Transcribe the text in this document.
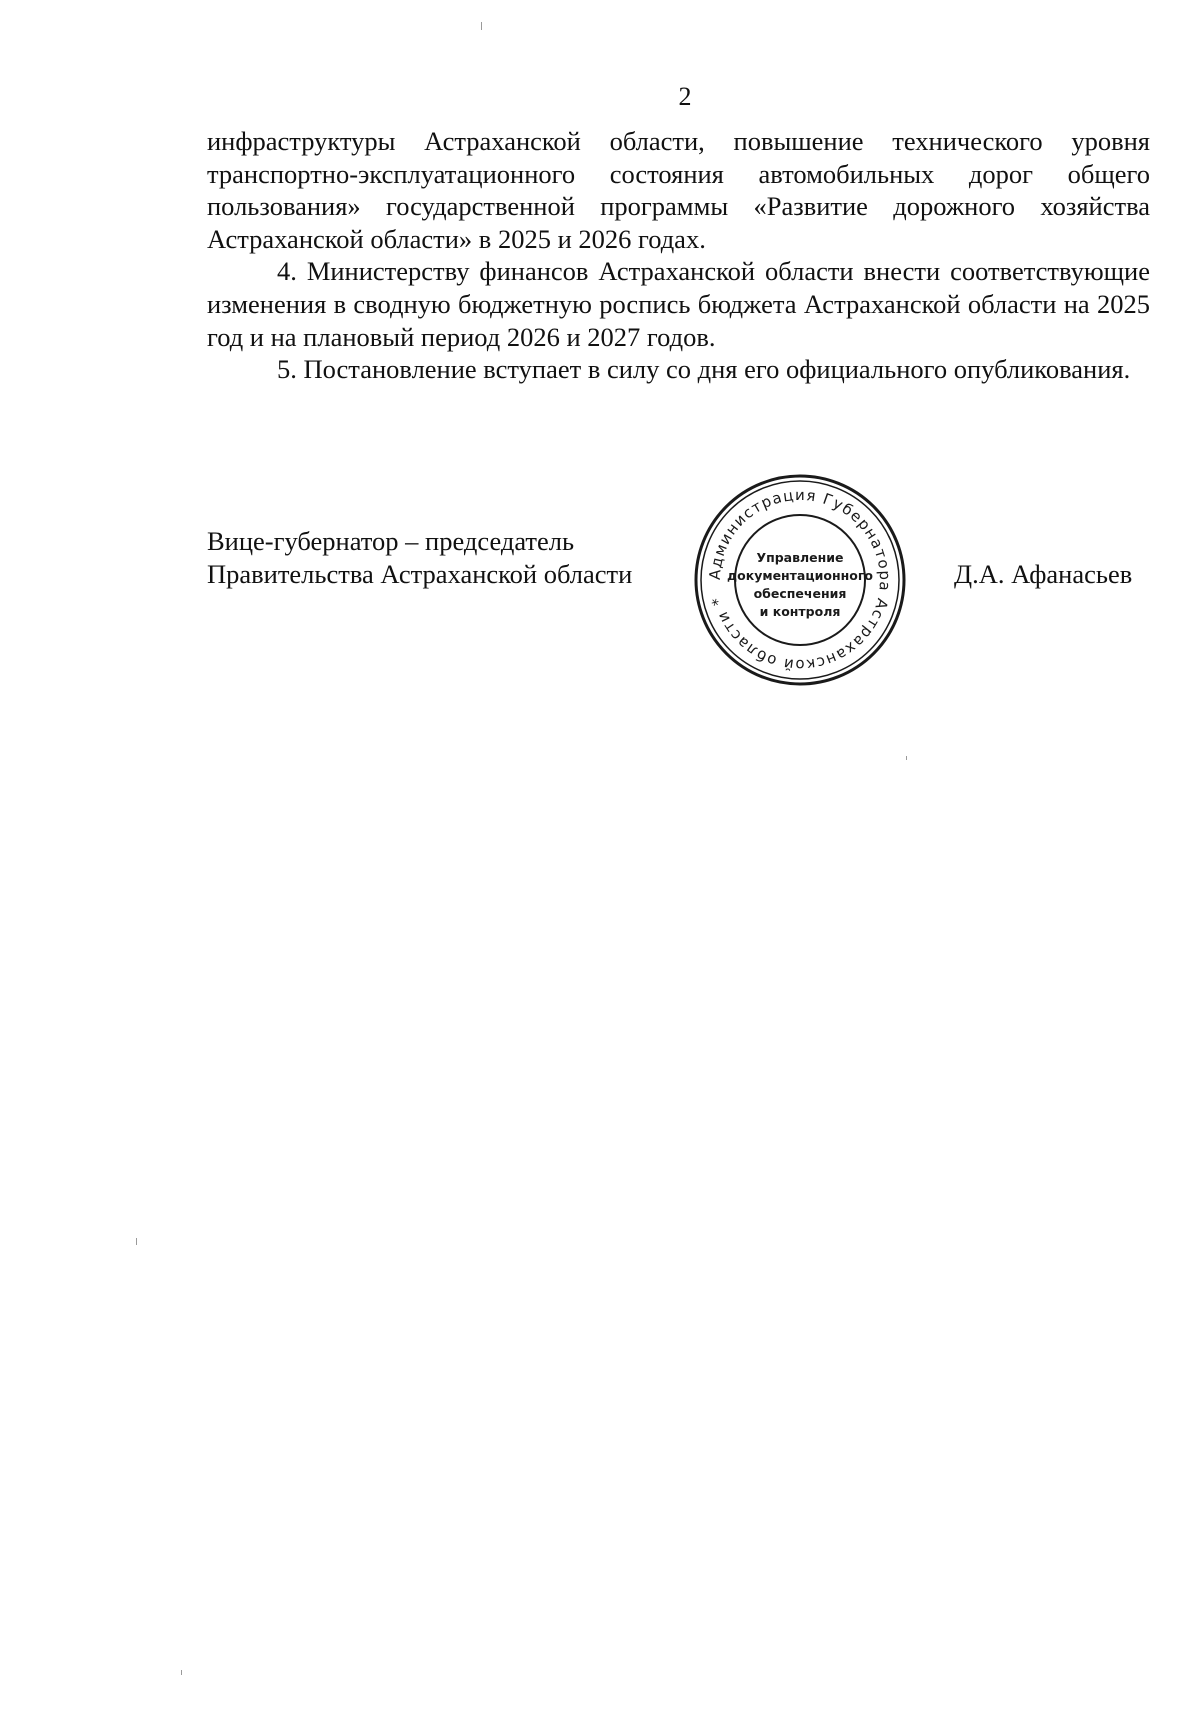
2

инфраструктуры Астраханской области, повышение технического уровня транспортно-эксплуатационного состояния автомобильных дорог общего пользования» государственной программы «Развитие дорожного хозяйства Астраханской области» в 2025 и 2026 годах.

4. Министерству финансов Астраханской области внести соответствующие изменения в сводную бюджетную роспись бюджета Астраханской области на 2025 год и на плановый период 2026 и 2027 годов.

5. Постановление вступает в силу со дня его официального опубликования.

Вице-губернатор – председатель
Правительства Астраханской области	Администрация Губернатора Астраханской области *
Управление
документационного
обеспечения
и контроля
Д.А. Афанасьев
